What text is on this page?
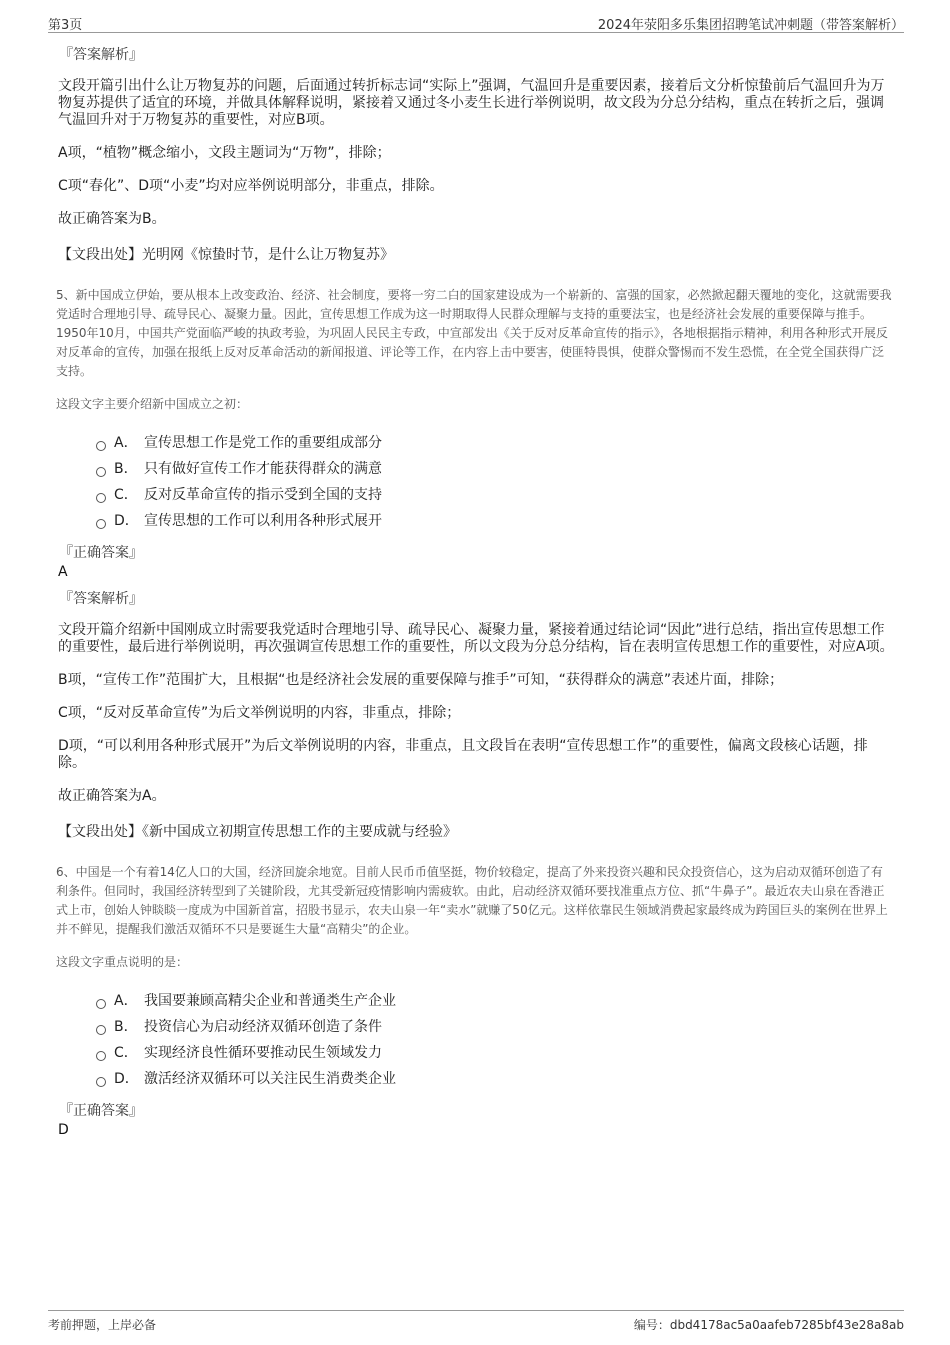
第3页	2024年荥阳多乐集团招聘笔试冲刺题（带答案解析）
『答案解析』

文段开篇引出什么让万物复苏的问题，后面通过转折标志词“实际上”强调，气温回升是重要因素，接着后文分析惊蛰前后气温回升为万物复苏提供了适宜的环境，并做具体解释说明，紧接着又通过冬小麦生长进行举例说明，故文段为分总分结构，重点在转折之后，强调气温回升对于万物复苏的重要性，对应B项。

A项，“植物”概念缩小，文段主题词为“万物”，排除；

C项“春化”、D项“小麦”均对应举例说明部分，非重点，排除。

故正确答案为B。

【文段出处】光明网《惊蛰时节，是什么让万物复苏》

5、新中国成立伊始，要从根本上改变政治、经济、社会制度，要将一穷二白的国家建设成为一个崭新的、富强的国家，必然掀起翻天覆地的变化，这就需要我党适时合理地引导、疏导民心、凝聚力量。因此，宣传思想工作成为这一时期取得人民群众理解与支持的重要法宝，也是经济社会发展的重要保障与推手。1950年10月，中国共产党面临严峻的执政考验，为巩固人民民主专政，中宣部发出《关于反对反革命宣传的指示》，各地根据指示精神，利用各种形式开展反对反革命的宣传，加强在报纸上反对反革命活动的新闻报道、评论等工作，在内容上击中要害，使匪特畏惧，使群众警惕而不发生恐慌，在全党全国获得广泛支持。

这段文字主要介绍新中国成立之初：

A． 宣传思想工作是党工作的重要组成部分
B． 只有做好宣传工作才能获得群众的满意
C． 反对反革命宣传的指示受到全国的支持
D． 宣传思想的工作可以利用各种形式展开
『正确答案』
A
『答案解析』

文段开篇介绍新中国刚成立时需要我党适时合理地引导、疏导民心、凝聚力量，紧接着通过结论词“因此”进行总结，指出宣传思想工作的重要性，最后进行举例说明，再次强调宣传思想工作的重要性，所以文段为分总分结构，旨在表明宣传思想工作的重要性，对应A项。

B项，“宣传工作”范围扩大，且根据“也是经济社会发展的重要保障与推手”可知，“获得群众的满意”表述片面，排除；

C项，“反对反革命宣传”为后文举例说明的内容，非重点，排除；

D项，“可以利用各种形式展开”为后文举例说明的内容，非重点，且文段旨在表明“宣传思想工作”的重要性，偏离文段核心话题，排除。

故正确答案为A。

【文段出处】《新中国成立初期宣传思想工作的主要成就与经验》

6、中国是一个有着14亿人口的大国，经济回旋余地宽。目前人民币币值坚挺，物价较稳定，提高了外来投资兴趣和民众投资信心，这为启动双循环创造了有利条件。但同时，我国经济转型到了关键阶段，尤其受新冠疫情影响内需疲软。由此，启动经济双循环要找准重点方位、抓“牛鼻子”。最近农夫山泉在香港正式上市，创始人钟睒睒一度成为中国新首富，招股书显示，农夫山泉一年“卖水”就赚了50亿元。这样依靠民生领域消费起家最终成为跨国巨头的案例在世界上并不鲜见，提醒我们激活双循环不只是要诞生大量“高精尖”的企业。

这段文字重点说明的是：

A． 我国要兼顾高精尖企业和普通类生产企业
B． 投资信心为启动经济双循环创造了条件
C． 实现经济良性循环要推动民生领域发力
D． 激活经济双循环可以关注民生消费类企业
『正确答案』
D
考前押题，上岸必备	编号：dbd4178ac5a0aafeb7285bf43e28a8ab
